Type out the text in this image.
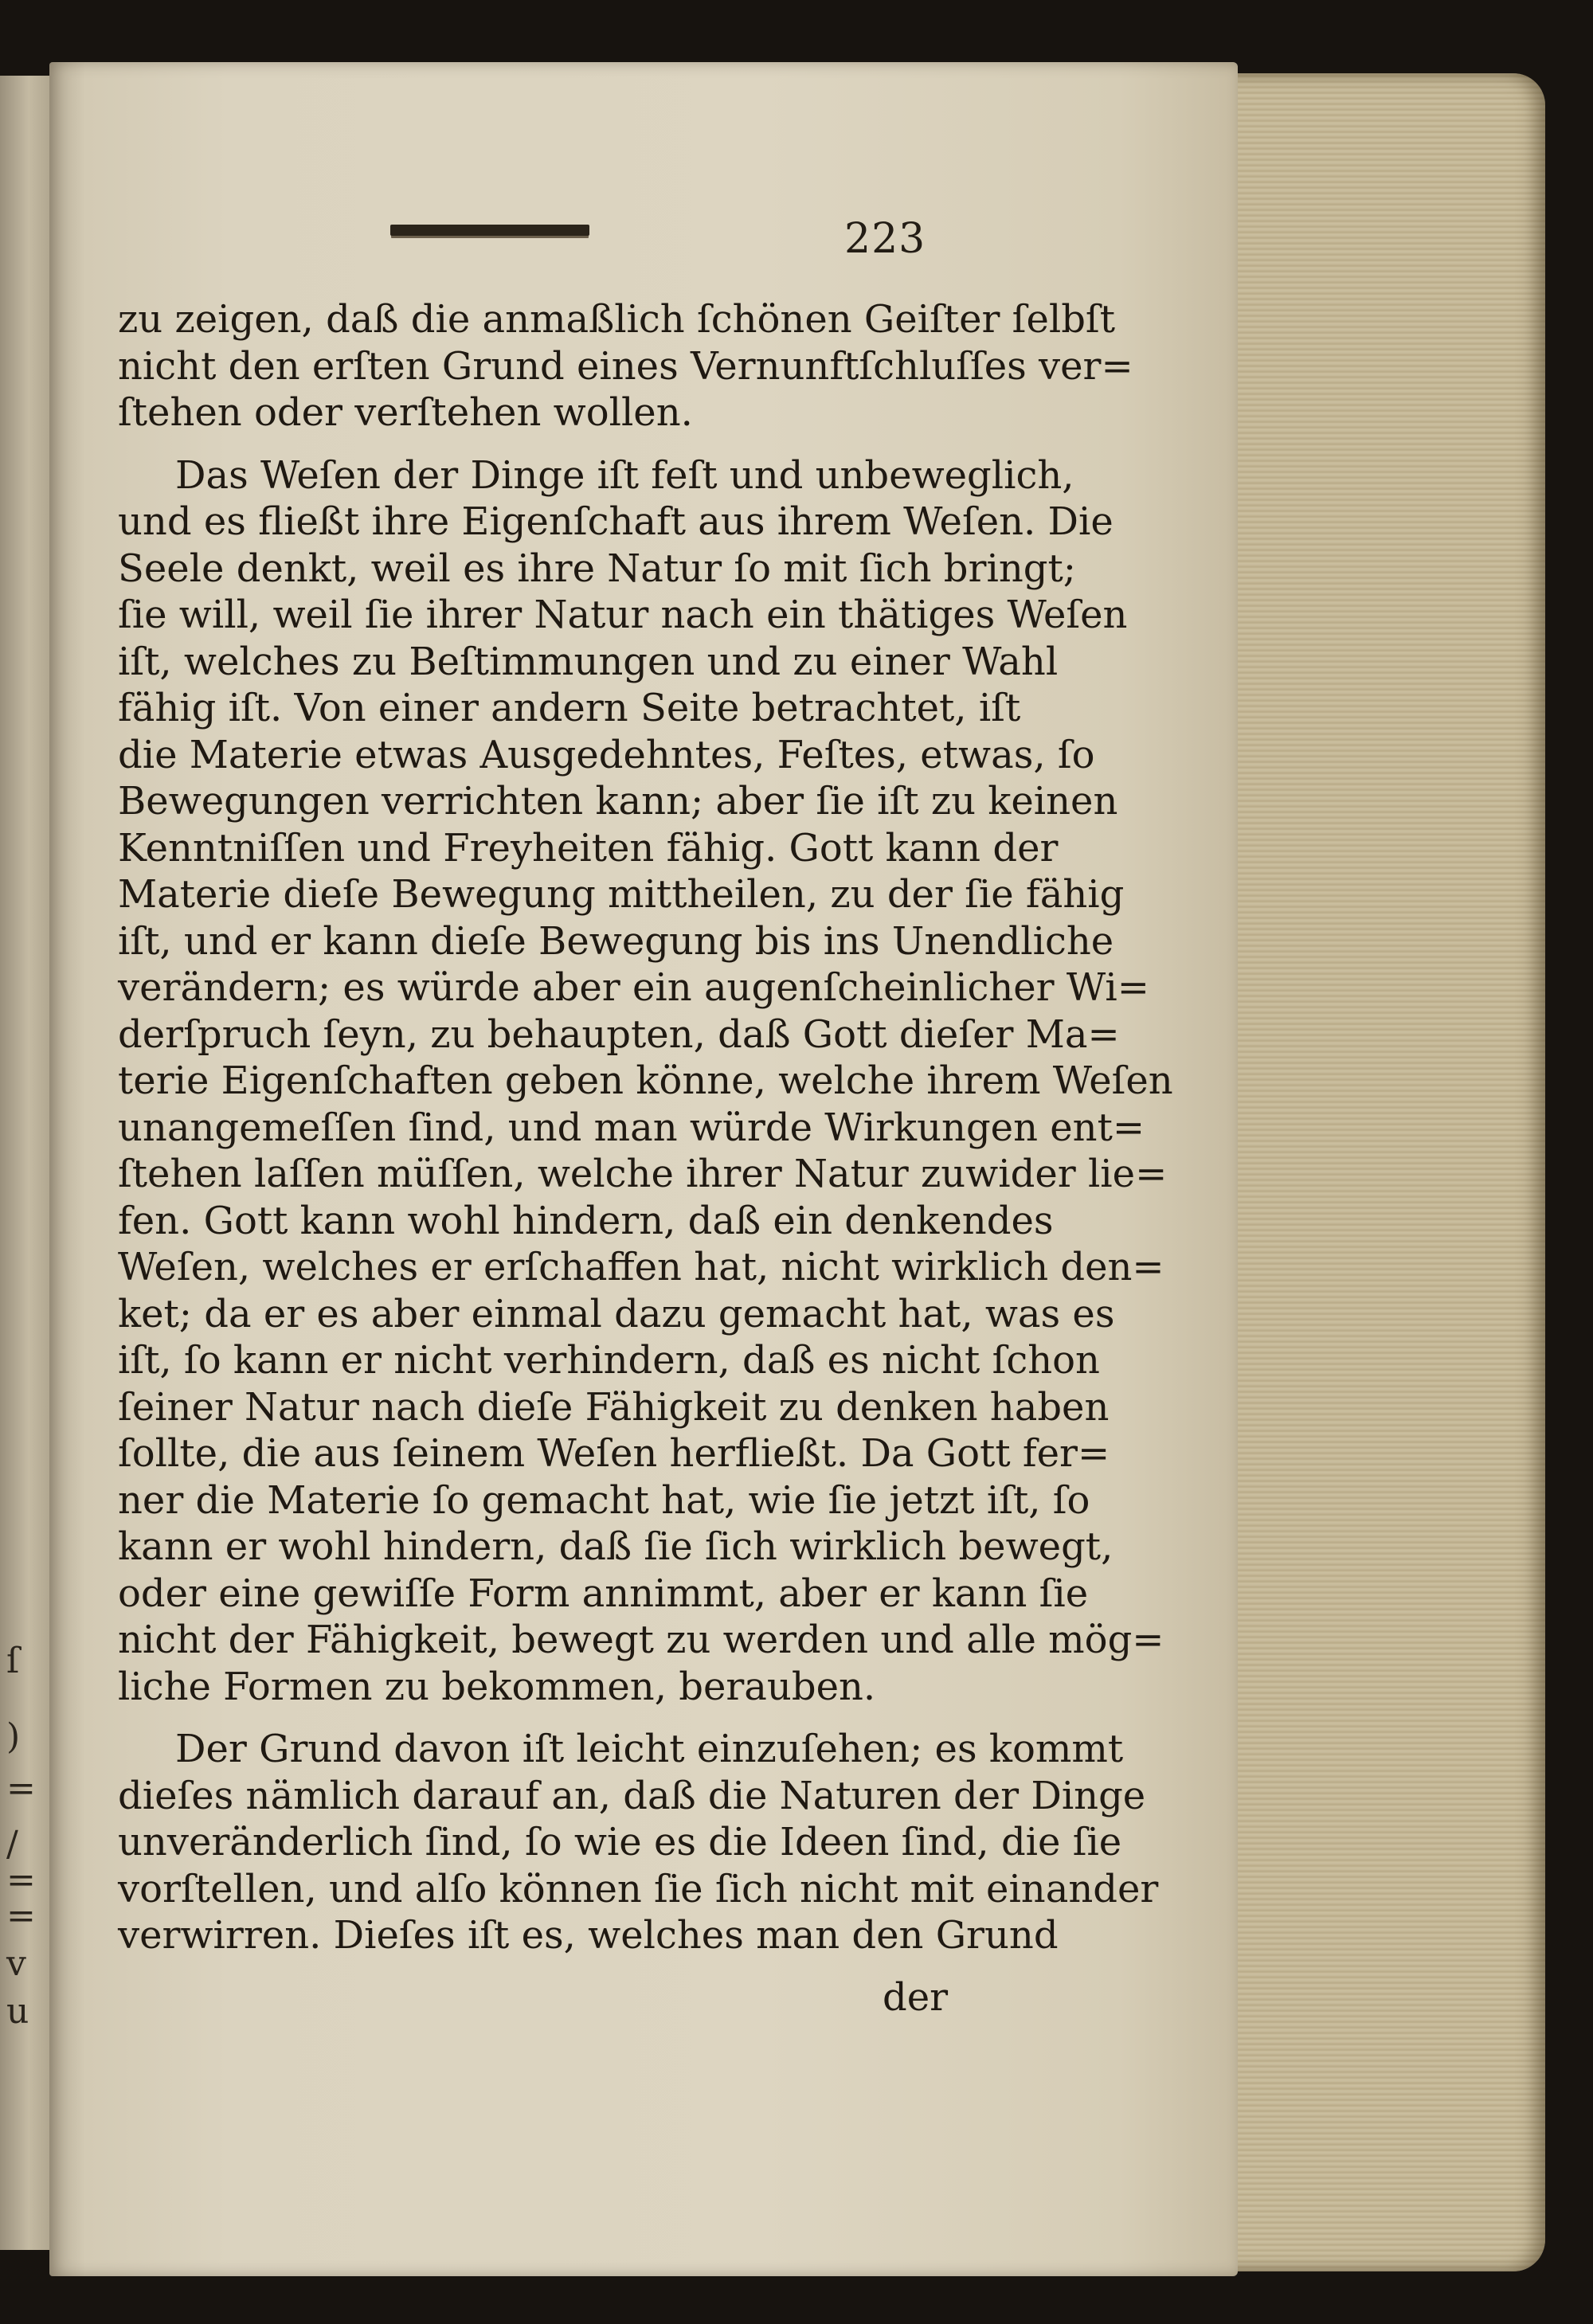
ſ
)
=
/
=
=
v
u
223
zu zeigen, daß die anmaßlich ſchönen Geiſter ſelbſt
nicht den erſten Grund eines Vernunftſchluſſes ver=
ſtehen oder verſtehen wollen.
Das Weſen der Dinge iſt feſt und unbeweglich,
und es fließt ihre Eigenſchaft aus ihrem Weſen. Die
Seele denkt, weil es ihre Natur ſo mit ſich bringt;
ſie will, weil ſie ihrer Natur nach ein thätiges Weſen
iſt, welches zu Beſtimmungen und zu einer Wahl
fähig iſt. Von einer andern Seite betrachtet, iſt
die Materie etwas Ausgedehntes, Feſtes, etwas, ſo
Bewegungen verrichten kann; aber ſie iſt zu keinen
Kenntniſſen und Freyheiten fähig. Gott kann der
Materie dieſe Bewegung mittheilen, zu der ſie fähig
iſt, und er kann dieſe Bewegung bis ins Unendliche
verändern; es würde aber ein augenſcheinlicher Wi=
derſpruch ſeyn, zu behaupten, daß Gott dieſer Ma=
terie Eigenſchaften geben könne, welche ihrem Weſen
unangemeſſen ſind, und man würde Wirkungen ent=
ſtehen laſſen müſſen, welche ihrer Natur zuwider lie=
fen. Gott kann wohl hindern, daß ein denkendes
Weſen, welches er erſchaffen hat, nicht wirklich den=
ket; da er es aber einmal dazu gemacht hat, was es
iſt, ſo kann er nicht verhindern, daß es nicht ſchon
ſeiner Natur nach dieſe Fähigkeit zu denken haben
ſollte, die aus ſeinem Weſen herfließt. Da Gott fer=
ner die Materie ſo gemacht hat, wie ſie jetzt iſt, ſo
kann er wohl hindern, daß ſie ſich wirklich bewegt,
oder eine gewiſſe Form annimmt, aber er kann ſie
nicht der Fähigkeit, bewegt zu werden und alle mög=
liche Formen zu bekommen, berauben.
Der Grund davon iſt leicht einzuſehen; es kommt
dieſes nämlich darauf an, daß die Naturen der Dinge
unveränderlich ſind, ſo wie es die Ideen ſind, die ſie
vorſtellen, und alſo können ſie ſich nicht mit einander
verwirren. Dieſes iſt es, welches man den Grund
der
